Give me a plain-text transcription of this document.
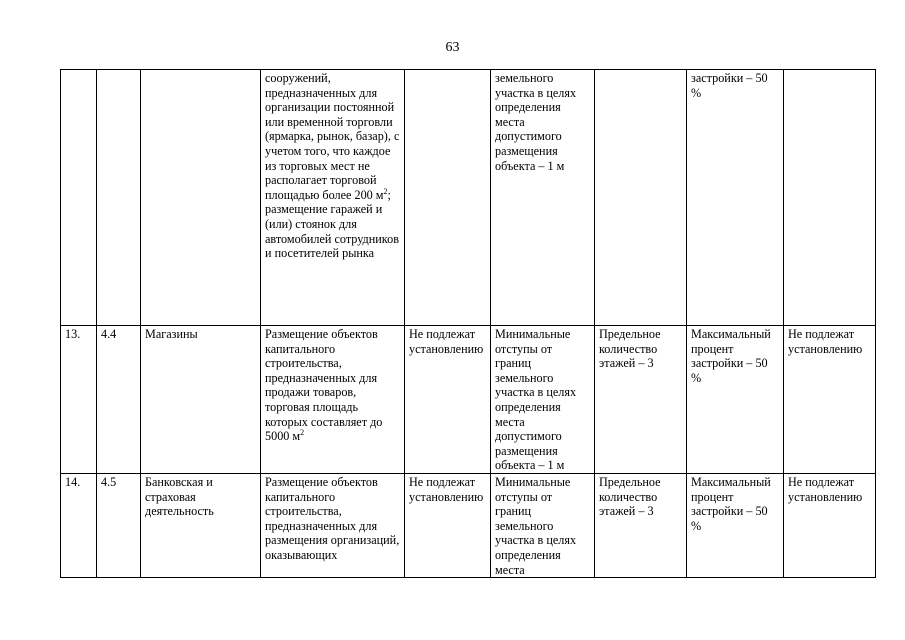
63
			сооружений, предназначенных для организации постоянной или временной торговли (ярмарка, рынок, базар), с учетом того, что каждое из торговых мест не располагает торговой площадью более 200 $м^2$;
размещение гаражей и (или) стоянок для автомобилей сотрудников и посетителей рынка		земельного участка в целях определения места допустимого размещения объекта – 1 м		застройки – 50 %	
13.	4.4	Магазины	Размещение объектов капитального строительства, предназначенных для продажи товаров, торговая площадь которых составляет до 5000 $м^2$	Не подлежат установлению	Минимальные отступы от границ земельного участка в целях определения места допустимого размещения объекта – 1 м	Предельное количество этажей – 3	Максимальный процент застройки – 50 %	Не подлежат установлению
14.	4.5	Банковская и страховая деятельность	Размещение объектов капитального строительства, предназначенных для размещения организаций, оказывающих	Не подлежат установлению	Минимальные отступы от границ земельного участка в целях определения места	Предельное количество этажей – 3	Максимальный процент застройки – 50 %	Не подлежат установлению
